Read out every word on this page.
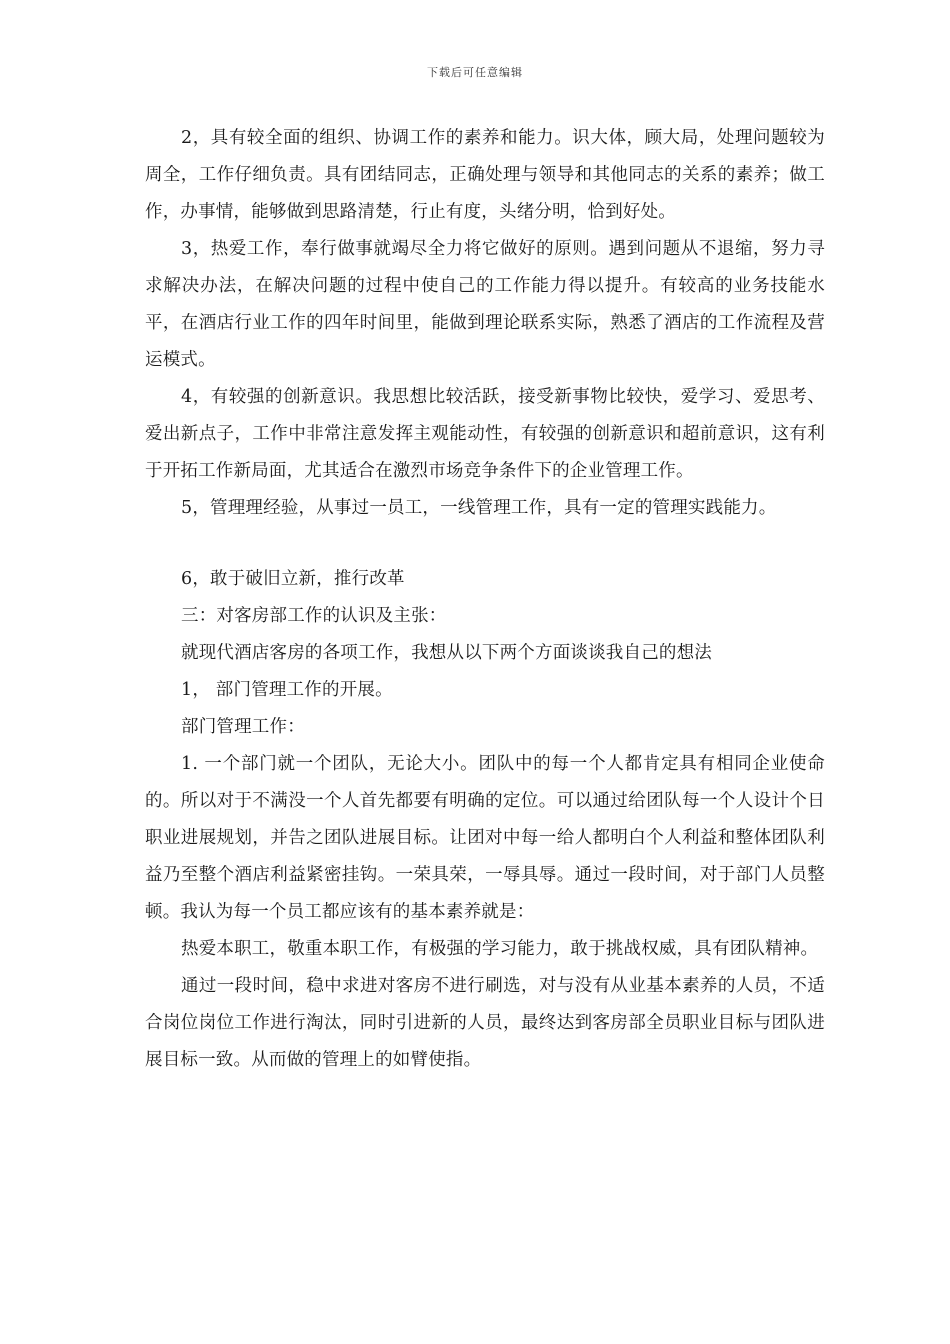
下载后可任意编辑

2，具有较全面的组织、协调工作的素养和能力。识大体，顾大局，处理问题较为周全，工作仔细负责。具有团结同志，正确处理与领导和其他同志的关系的素养；做工作，办事情，能够做到思路清楚，行止有度，头绪分明，恰到好处。

3，热爱工作，奉行做事就竭尽全力将它做好的原则。遇到问题从不退缩，努力寻求解决办法，在解决问题的过程中使自己的工作能力得以提升。有较高的业务技能水平，在酒店行业工作的四年时间里，能做到理论联系实际，熟悉了酒店的工作流程及营运模式。

4，有较强的创新意识。我思想比较活跃，接受新事物比较快，爱学习、爱思考、爱出新点子，工作中非常注意发挥主观能动性，有较强的创新意识和超前意识，这有利于开拓工作新局面，尤其适合在激烈市场竞争条件下的企业管理工作。

5，管理理经验，从事过一员工，一线管理工作，具有一定的管理实践能力。

6，敢于破旧立新，推行改革

三：对客房部工作的认识及主张：

就现代酒店客房的各项工作，我想从以下两个方面谈谈我自己的想法

1， 部门管理工作的开展。

部门管理工作：

1. 一个部门就一个团队，无论大小。团队中的每一个人都肯定具有相同企业使命的。所以对于不满没一个人首先都要有明确的定位。可以通过给团队每一个人设计个日职业进展规划，并告之团队进展目标。让团对中每一给人都明白个人利益和整体团队利益乃至整个酒店利益紧密挂钩。一荣具荣，一辱具辱。通过一段时间，对于部门人员整顿。我认为每一个员工都应该有的基本素养就是：

热爱本职工，敬重本职工作，有极强的学习能力，敢于挑战权威，具有团队精神。

通过一段时间，稳中求进对客房不进行刷选，对与没有从业基本素养的人员，不适合岗位岗位工作进行淘汰，同时引进新的人员，最终达到客房部全员职业目标与团队进展目标一致。从而做的管理上的如臂使指。
